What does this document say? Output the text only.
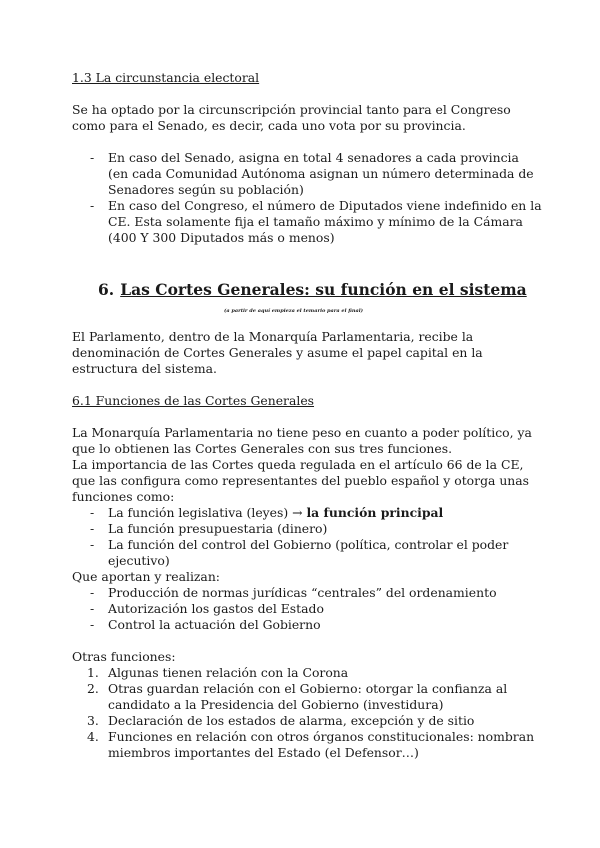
1.3 La circunstancia electoral

Se ha optado por la circunscripción provincial tanto para el Congreso como para el Senado, es decir, cada uno vota por su provincia.

- En caso del Senado, asigna en total 4 senadores a cada provincia (en cada Comunidad Autónoma asignan un número determinada de Senadores según su población)
- En caso del Congreso, el número de Diputados viene indefinido en la CE. Esta solamente fija el tamaño máximo y mínimo de la Cámara (400 Y 300 Diputados más o menos)
6. Las Cortes Generales: su función en el sistema
(a partir de aquí empieza el temario para el final)

El Parlamento, dentro de la Monarquía Parlamentaria, recibe la denominación de Cortes Generales y asume el papel capital en la estructura del sistema.

6.1 Funciones de las Cortes Generales

La Monarquía Parlamentaria no tiene peso en cuanto a poder político, ya que lo obtienen las Cortes Generales con sus tres funciones.

La importancia de las Cortes queda regulada en el artículo 66 de la CE, que las configura como representantes del pueblo español y otorga unas funciones como:

- La función legislativa (leyes) → la función principal
- La función presupuestaria (dinero)
- La función del control del Gobierno (política, controlar el poder ejecutivo)

Que aportan y realizan:

- Producción de normas jurídicas “centrales” del ordenamiento
- Autorización los gastos del Estado
- Control la actuación del Gobierno

Otras funciones:

1. Algunas tienen relación con la Corona
2. Otras guardan relación con el Gobierno: otorgar la confianza al candidato a la Presidencia del Gobierno (investidura)
3. Declaración de los estados de alarma, excepción y de sitio
4. Funciones en relación con otros órganos constitucionales: nombran miembros importantes del Estado (el Defensor…)
